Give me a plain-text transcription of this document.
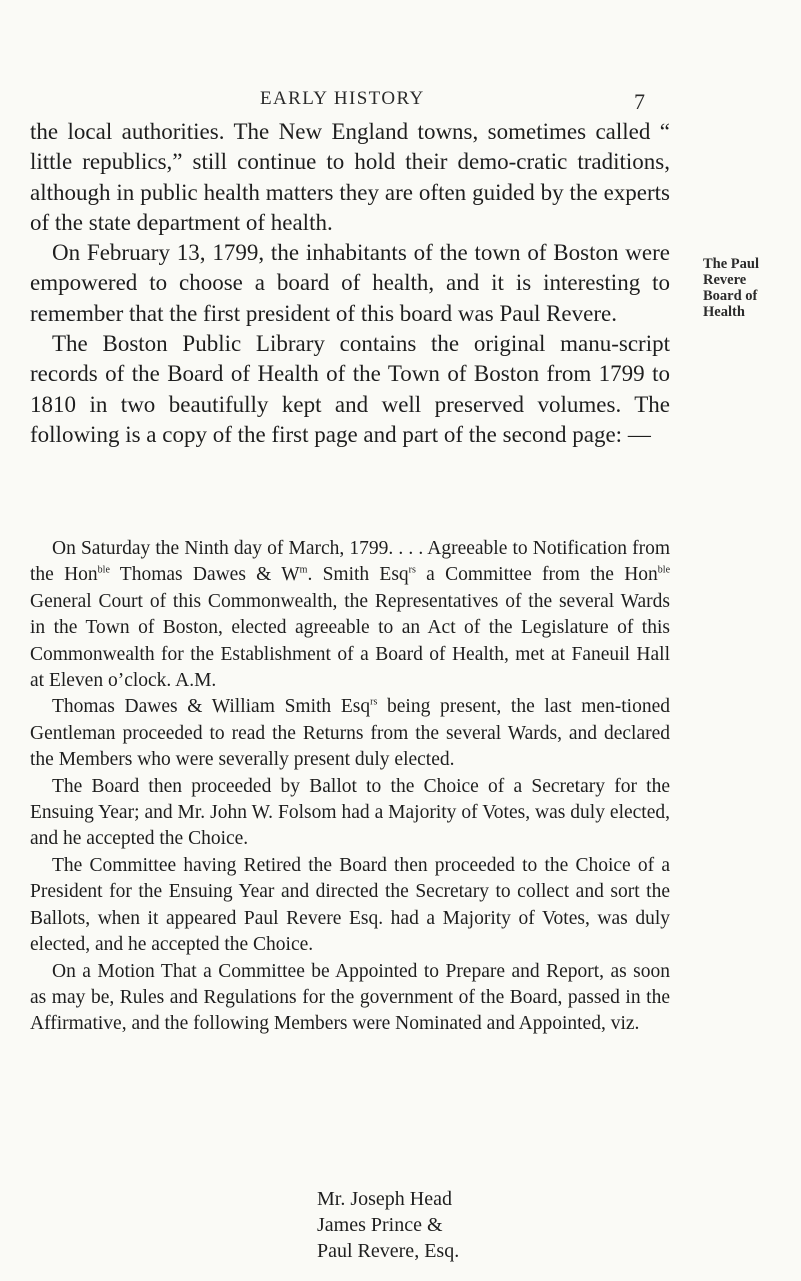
EARLY HISTORY	7

the local authorities. The New England towns, sometimes called “ little republics,” still continue to hold their demo-cratic traditions, although in public health matters they are often guided by the experts of the state department of health.

On February 13, 1799, the inhabitants of the town of Boston were empowered to choose a board of health, and it is interesting to remember that the first president of this board was Paul Revere.

The Boston Public Library contains the original manu-script records of the Board of Health of the Town of Boston from 1799 to 1810 in two beautifully kept and well preserved volumes. The following is a copy of the first page and part of the second page: —

The Paul
Revere
Board of
Health

On Saturday the Ninth day of March, 1799. . . . Agreeable to Notification from the Hon$^{ble}$ Thomas Dawes & $W^m$. Smith Esq$^{rs}$ a Committee from the Hon$^{ble}$ General Court of this Commonwealth, the Representatives of the several Wards in the Town of Boston, elected agreeable to an Act of the Legislature of this Commonwealth for the Establishment of a Board of Health, met at Faneuil Hall at Eleven o’clock. A.M.

Thomas Dawes & William Smith Esq$^{rs}$ being present, the last men-tioned Gentleman proceeded to read the Returns from the several Wards, and declared the Members who were severally present duly elected.

The Board then proceeded by Ballot to the Choice of a Secretary for the Ensuing Year; and Mr. John W. Folsom had a Majority of Votes, was duly elected, and he accepted the Choice.

The Committee having Retired the Board then proceeded to the Choice of a President for the Ensuing Year and directed the Secretary to collect and sort the Ballots, when it appeared Paul Revere Esq. had a Majority of Votes, was duly elected, and he accepted the Choice.

On a Motion That a Committee be Appointed to Prepare and Report, as soon as may be, Rules and Regulations for the government of the Board, passed in the Affirmative, and the following Members were Nominated and Appointed, viz.

Mr. Joseph Head
James Prince &
Paul Revere, Esq.
